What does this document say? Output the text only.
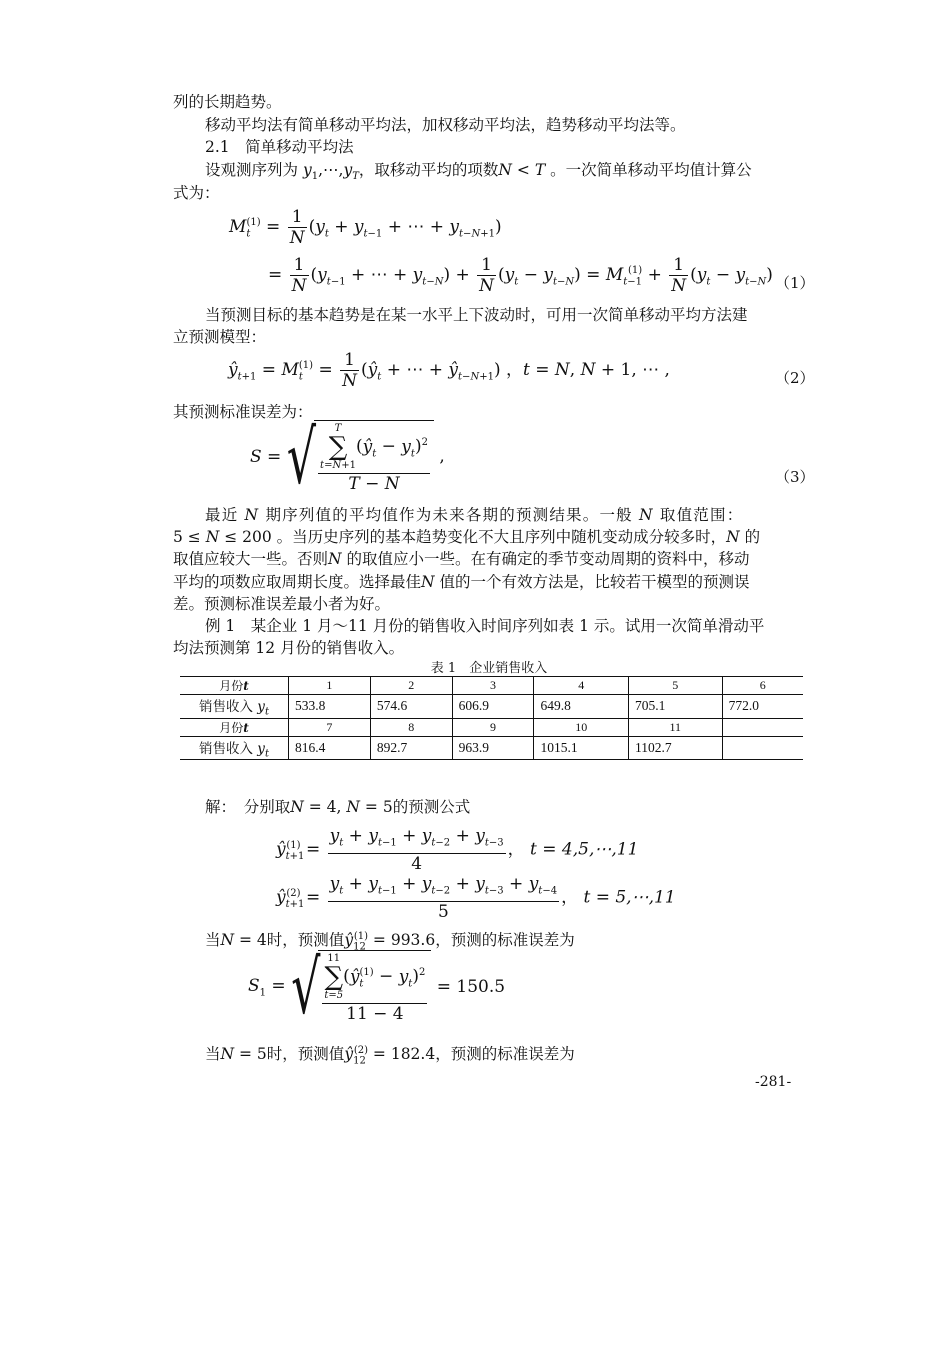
列的长期趋势。
移动平均法有简单移动平均法，加权移动平均法，趋势移动平均法等。
2.1　简单移动平均法
设观测序列为 $y_1,\cdots,y_T$，取移动平均的项数N < T 。一次简单移动平均值计算公
式为：
$M_t^{(1)} = \frac{1}{N} (y_t + y_{t-1}$ + ⋯ + $y_{t-N+1}$)
= $\frac{1}{N} (y_{t-1}$ + ⋯ + $y_{t-N}) + \frac{1}{N} (y_t - y_{t-N}) = M_{t-1}^{(1)} + \frac{1}{N} (y_t - y_{t-N})$ （1）
当预测目标的基本趋势是在某一水平上下波动时，可用一次简单移动平均方法建
立预测模型：
$ŷ_{t+1} = M_t^{(1)} = \frac{1}{N}$ ($ŷ_t$ + ⋯ + $ŷ_{t-N+1}$) ，t = N, N + 1, ⋯ ,	（2）
其预测标准误差为：
S = √ T
∑
$t=N+1(ŷ_t - y_t)^2$
T − N ,
（3）
最近 N 期序列值的平均值作为未来各期的预测结果。一般 N 取值范围：
5 ≤ N ≤ 200 。当历史序列的基本趋势变化不大且序列中随机变动成分较多时，N 的
取值应较大一些。否则N 的取值应小一些。在有确定的季节变动周期的资料中，移动
平均的项数应取周期长度。选择最佳N 值的一个有效方法是，比较若干模型的预测误
差。预测标准误差最小者为好。
例 1　某企业 1 月～11 月份的销售收入时间序列如表 1 示。试用一次简单滑动平
均法预测第 12 月份的销售收入。
表 1　企业销售收入
月份t	1	2	3	4	5	6
销售收入 $y_t$	533.8	574.6	606.9	649.8	705.1	772.0
月份t	7	8	9	10	11	
销售收入 $y_t$	816.4	892.7	963.9	1015.1	1102.7	
解：　分别取N = 4, N = 5的预测公式
$ŷ_{t+1}^{(1)} = \frac{y_t + y_{t-1} + y_{t-2} + y_{t-3}}{4}$ ， t = 4,5,⋯,11
$ŷ_{t+1}^{(2)} = \frac{y_t + y_{t-1} + y_{t-2} + y_{t-3} + y_{t-4}}{5}$ ， t = 5,⋯,11
当N = 4时，预测值$ŷ_{12}^{(1)} = 993.6$，预测的标准误差为
$S_1$ = √ 11
∑
$t=5(ŷ_t^{(1)} - y_t)^2$
11 − 4 = 150.5
当N = 5时，预测值$ŷ_{12}^{(2)} = 182.4$，预测的标准误差为
-281-
